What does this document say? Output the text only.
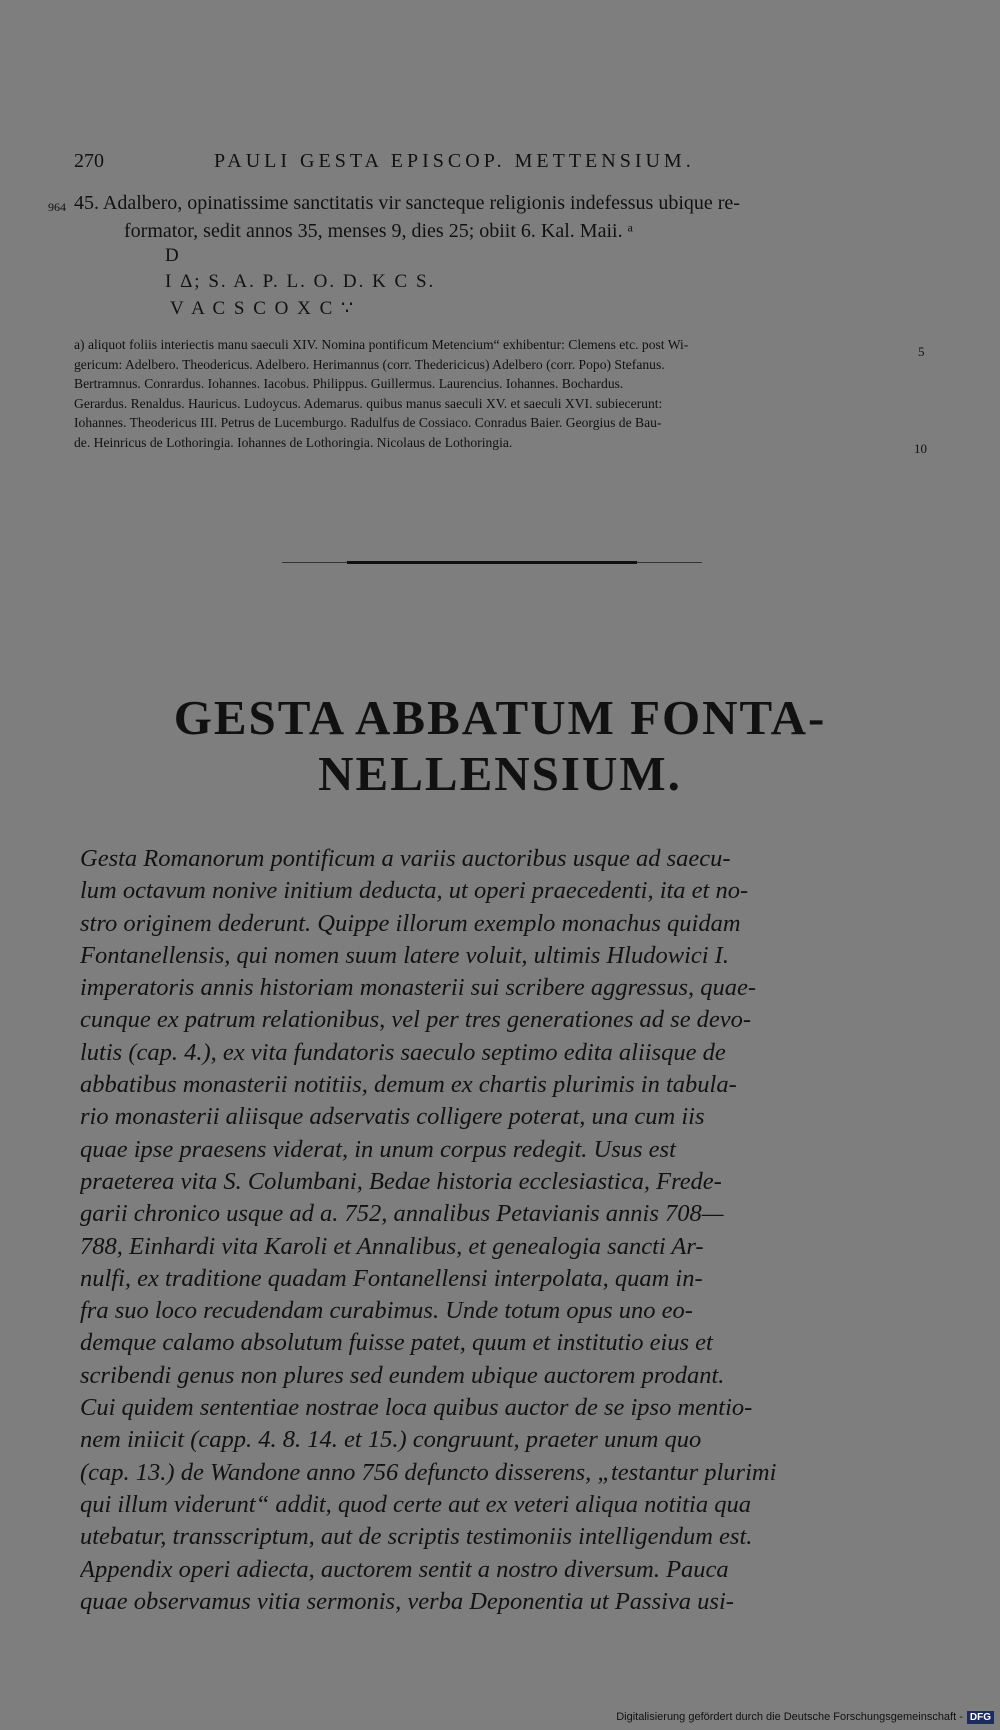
270	PAULI GESTA EPISCOP. METTENSIUM.
964 45. Adalbero, opinatissime sanctitatis vir sancteque religionis indefessus ubique re-
formator, sedit annos 35, menses 9, dies 25; obiit 6. Kal. Maii. ᵃ
D
I Δ; S. A. P. L. O. D. K C S.
V A C S C O X C ∵
a) aliquot foliis interiectis manu saeculi XIV. Nomina pontificum Metencium“ exhibentur: Clemens etc. post Wi-
gericum: Adelbero. Theodericus. Adelbero. Herimannus (corr. Thedericicus) Adelbero (corr. Popo) Stefanus.
Bertramnus. Conrardus. Iohannes. Iacobus. Philippus. Guillermus. Laurencius. Iohannes. Bochardus.
Gerardus. Renaldus. Hauricus. Ludoycus. Ademarus. quibus manus saeculi XV. et saeculi XVI. subiecerunt:
Iohannes. Theodericus III. Petrus de Lucemburgo. Radulfus de Cossiaco. Conradus Baier. Georgius de Bau-
de. Heinricus de Lothoringia. Iohannes de Lothoringia. Nicolaus de Lothoringia.
5
10
GESTA ABBATUM FONTA-
NELLENSIUM.
Gesta Romanorum pontificum a variis auctoribus usque ad saecu-
lum octavum nonive initium deducta, ut operi praecedenti, ita et no-
stro originem dederunt. Quippe illorum exemplo monachus quidam
Fontanellensis, qui nomen suum latere voluit, ultimis Hludowici I.
imperatoris annis historiam monasterii sui scribere aggressus, quae-
cunque ex patrum relationibus, vel per tres generationes ad se devo-
lutis (cap. 4.), ex vita fundatoris saeculo septimo edita aliisque de
abbatibus monasterii notitiis, demum ex chartis plurimis in tabula-
rio monasterii aliisque adservatis colligere poterat, una cum iis
quae ipse praesens viderat, in unum corpus redegit. Usus est
praeterea vita S. Columbani, Bedae historia ecclesiastica, Frede-
garii chronico usque ad a. 752, annalibus Petavianis annis 708—
788, Einhardi vita Karoli et Annalibus, et genealogia sancti Ar-
nulfi, ex traditione quadam Fontanellensi interpolata, quam in-
fra suo loco recudendam curabimus. Unde totum opus uno eo-
demque calamo absolutum fuisse patet, quum et institutio eius et
scribendi genus non plures sed eundem ubique auctorem prodant.
Cui quidem sententiae nostrae loca quibus auctor de se ipso mentio-
nem iniicit (capp. 4. 8. 14. et 15.) congruunt, praeter unum quo
(cap. 13.) de Wandone anno 756 defuncto disserens, „testantur plurimi
qui illum viderunt“ addit, quod certe aut ex veteri aliqua notitia qua
utebatur, transscriptum, aut de scriptis testimoniis intelligendum est.
Appendix operi adiecta, auctorem sentit a nostro diversum. Pauca
quae observamus vitia sermonis, verba Deponentia ut Passiva usi-
Digitalisierung gefördert durch die Deutsche Forschungsgemeinschaft - DFG
